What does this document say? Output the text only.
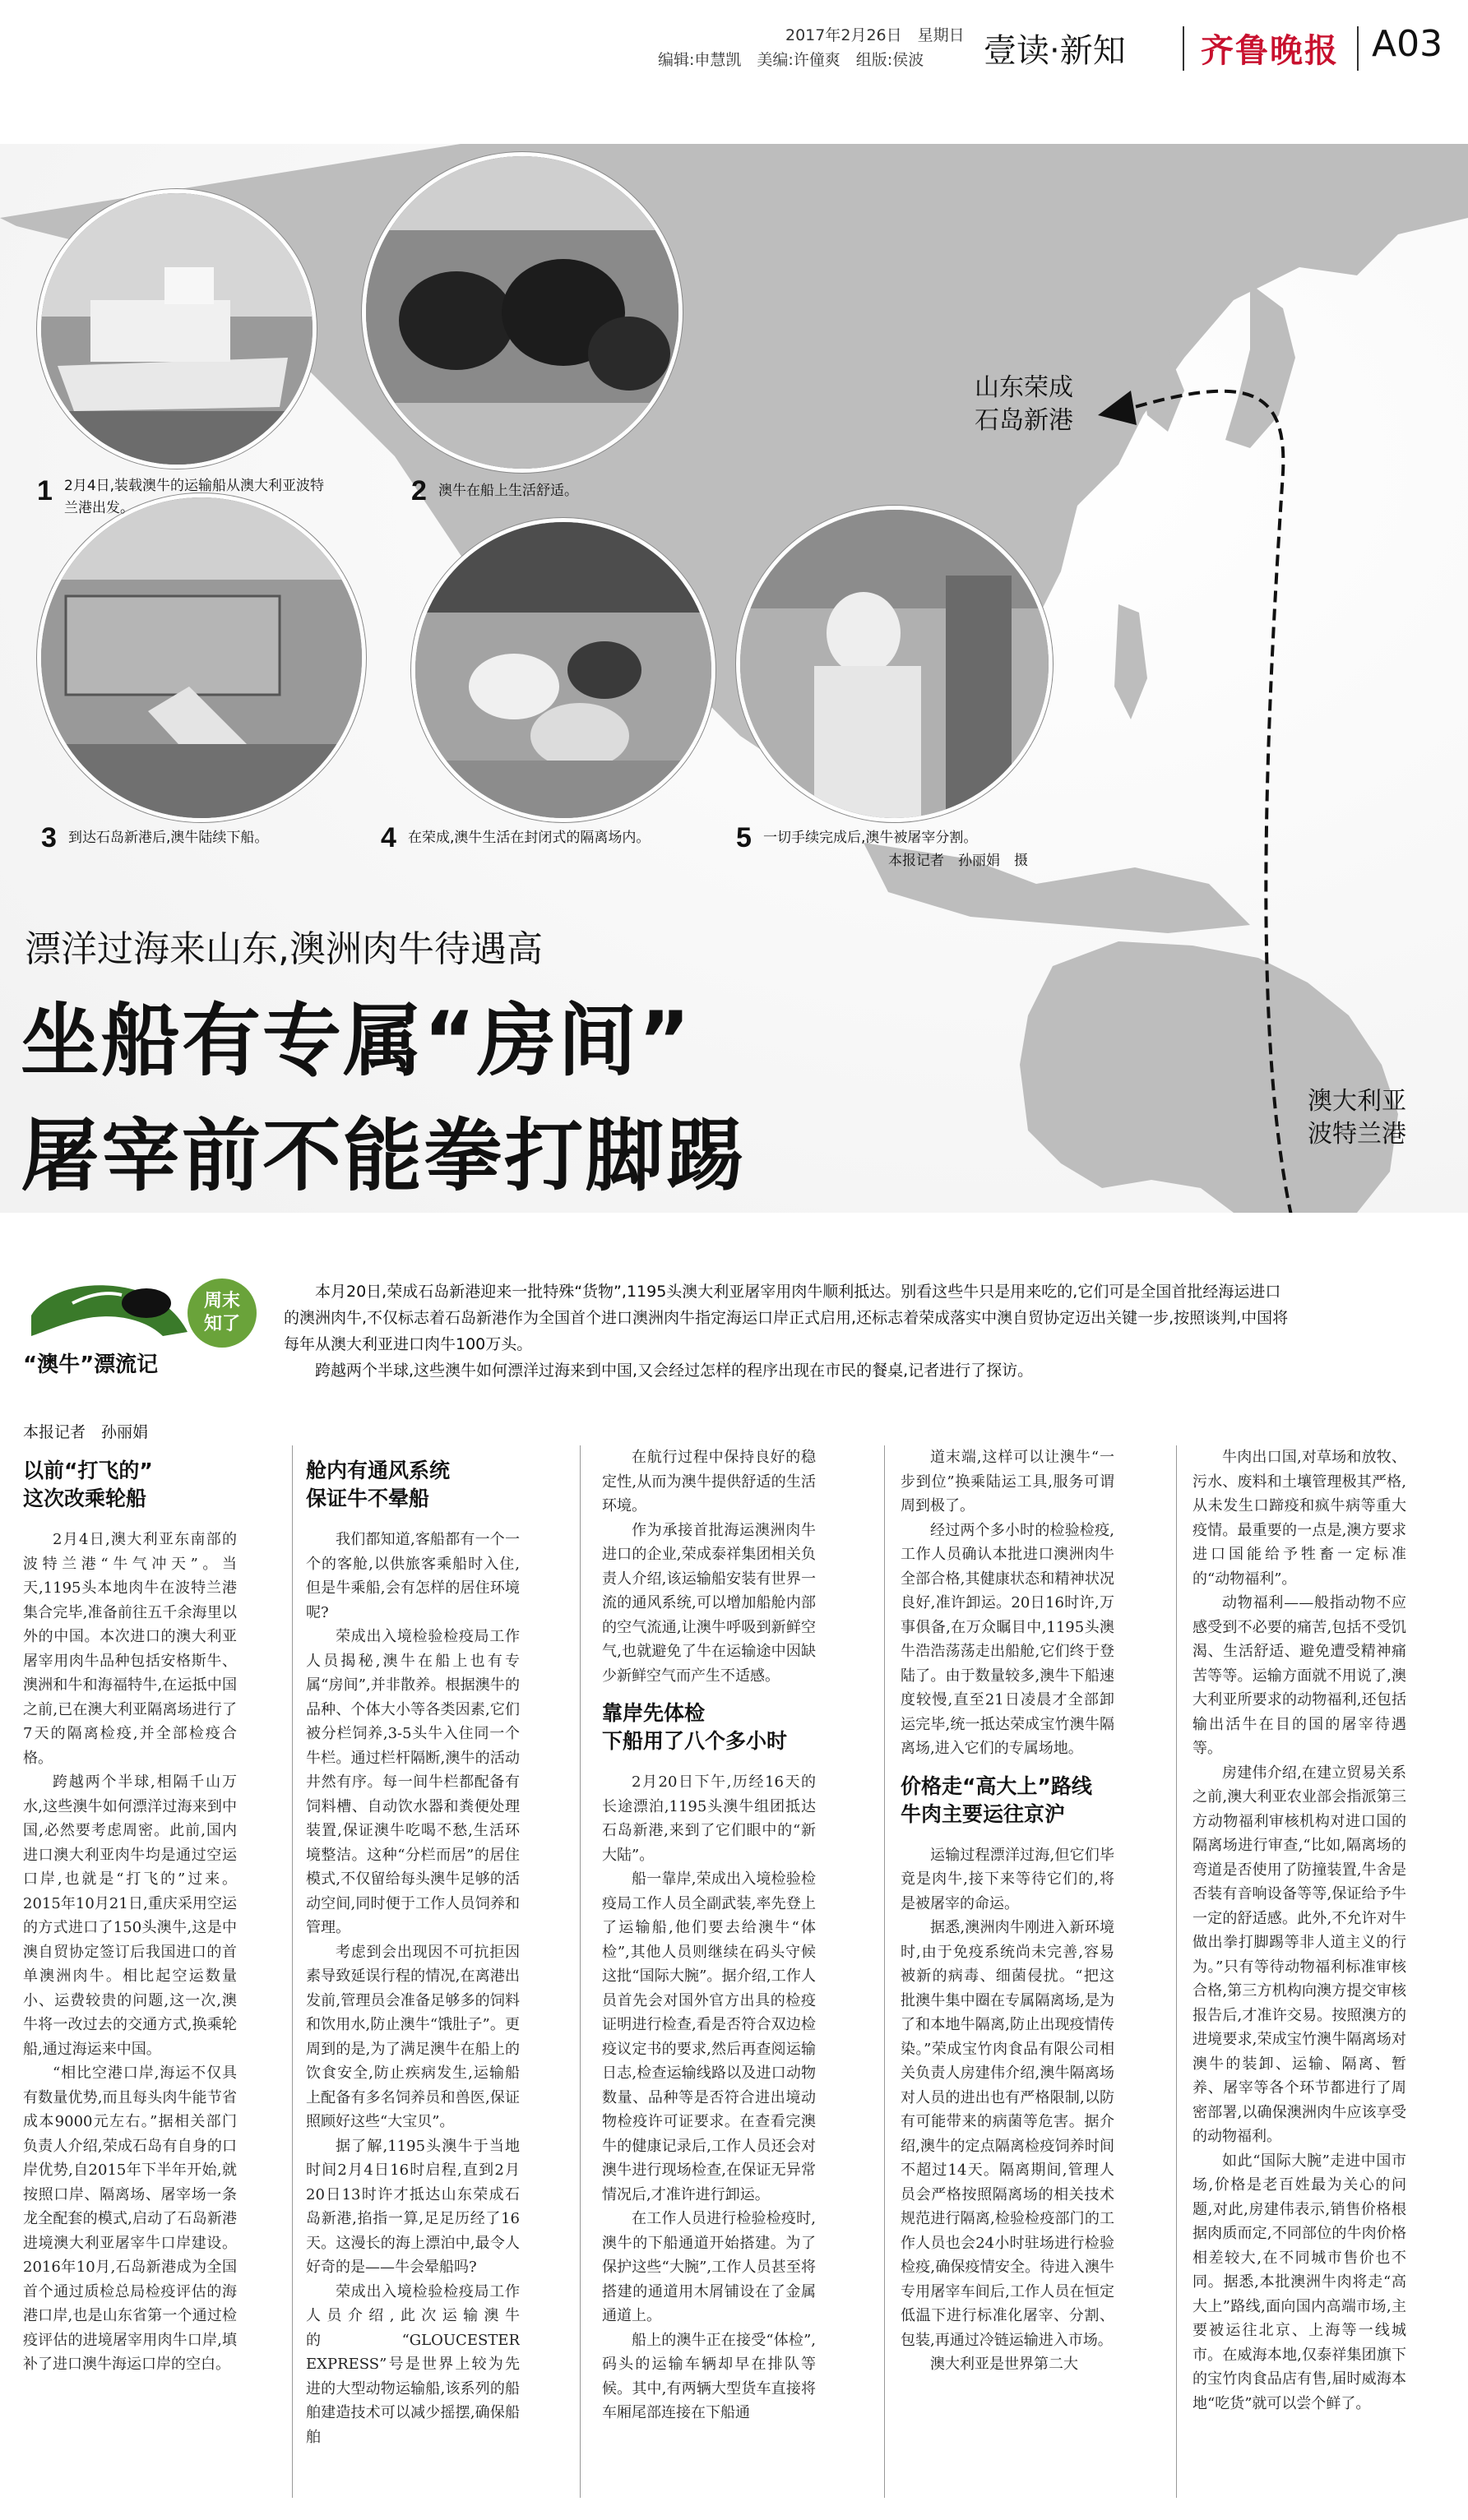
2017年2月26日　星期日
编辑:申慧凯　美编:许僮爽　组版:侯波 壹读·新知 齐鲁晚报 A03
山东荣成
石岛新港
澳大利亚
波特兰港
1 2月4日,装载澳牛的运输船从澳大利亚波特兰港出发。
2 澳牛在船上生活舒适。
3 到达石岛新港后,澳牛陆续下船。	4 在荣成,澳牛生活在封闭式的隔离场内。	5 一切手续完成后,澳牛被屠宰分割。
本报记者　孙丽娟　摄
漂洋过海来山东,澳洲肉牛待遇高
坐船有专属“房间”
屠宰前不能拳打脚踢
周末
知了
“澳牛”漂流记

本月20日,荣成石岛新港迎来一批特殊“货物”,1195头澳大利亚屠宰用肉牛顺利抵达。别看这些牛只是用来吃的,它们可是全国首批经海运进口的澳洲肉牛,不仅标志着石岛新港作为全国首个进口澳洲肉牛指定海运口岸正式启用,还标志着荣成落实中澳自贸协定迈出关键一步,按照谈判,中国将每年从澳大利亚进口肉牛100万头。

跨越两个半球,这些澳牛如何漂洋过海来到中国,又会经过怎样的程序出现在市民的餐桌,记者进行了探访。

本报记者　孙丽娟
以前“打飞的”
这次改乘轮船

2月4日,澳大利亚东南部的波特兰港“牛气冲天”。当天,1195头本地肉牛在波特兰港集合完毕,准备前往五千余海里以外的中国。本次进口的澳大利亚屠宰用肉牛品种包括安格斯牛、澳洲和牛和海福特牛,在运抵中国之前,已在澳大利亚隔离场进行了7天的隔离检疫,并全部检疫合格。

跨越两个半球,相隔千山万水,这些澳牛如何漂洋过海来到中国,必然要考虑周密。此前,国内进口澳大利亚肉牛均是通过空运口岸,也就是“打飞的”过来。2015年10月21日,重庆采用空运的方式进口了150头澳牛,这是中澳自贸协定签订后我国进口的首单澳洲肉牛。相比起空运数量小、运费较贵的问题,这一次,澳牛将一改过去的交通方式,换乘轮船,通过海运来中国。

“相比空港口岸,海运不仅具有数量优势,而且每头肉牛能节省成本9000元左右。”据相关部门负责人介绍,荣成石岛有自身的口岸优势,自2015年下半年开始,就按照口岸、隔离场、屠宰场一条龙全配套的模式,启动了石岛新港进境澳大利亚屠宰牛口岸建设。2016年10月,石岛新港成为全国首个通过质检总局检疫评估的海港口岸,也是山东省第一个通过检疫评估的进境屠宰用肉牛口岸,填补了进口澳牛海运口岸的空白。

舱内有通风系统
保证牛不晕船

我们都知道,客船都有一个一个的客舱,以供旅客乘船时入住,但是牛乘船,会有怎样的居住环境呢?

荣成出入境检验检疫局工作人员揭秘,澳牛在船上也有专属“房间”,并非散养。根据澳牛的品种、个体大小等各类因素,它们被分栏饲养,3-5头牛入住同一个牛栏。通过栏杆隔断,澳牛的活动井然有序。每一间牛栏都配备有饲料槽、自动饮水器和粪便处理装置,保证澳牛吃喝不愁,生活环境整洁。这种“分栏而居”的居住模式,不仅留给每头澳牛足够的活动空间,同时便于工作人员饲养和管理。

考虑到会出现因不可抗拒因素导致延误行程的情况,在离港出发前,管理员会准备足够多的饲料和饮用水,防止澳牛“饿肚子”。更周到的是,为了满足澳牛在船上的饮食安全,防止疾病发生,运输船上配备有多名饲养员和兽医,保证照顾好这些“大宝贝”。

据了解,1195头澳牛于当地时间2月4日16时启程,直到2月20日13时许才抵达山东荣成石岛新港,掐指一算,足足历经了16天。这漫长的海上漂泊中,最令人好奇的是——牛会晕船吗?

荣成出入境检验检疫局工作人员介绍,此次运输澳牛的“GLOUCESTER EXPRESS”号是世界上较为先进的大型动物运输船,该系列的船舶建造技术可以减少摇摆,确保船舶

在航行过程中保持良好的稳定性,从而为澳牛提供舒适的生活环境。

作为承接首批海运澳洲肉牛进口的企业,荣成泰祥集团相关负责人介绍,该运输船安装有世界一流的通风系统,可以增加船舱内部的空气流通,让澳牛呼吸到新鲜空气,也就避免了牛在运输途中因缺少新鲜空气而产生不适感。

靠岸先体检
下船用了八个多小时

2月20日下午,历经16天的长途漂泊,1195头澳牛组团抵达石岛新港,来到了它们眼中的“新大陆”。

船一靠岸,荣成出入境检验检疫局工作人员全副武装,率先登上了运输船,他们要去给澳牛“体检”,其他人员则继续在码头守候这批“国际大腕”。据介绍,工作人员首先会对国外官方出具的检疫证明进行检查,看是否符合双边检疫议定书的要求,然后再查阅运输日志,检查运输线路以及进口动物数量、品种等是否符合进出境动物检疫许可证要求。在查看完澳牛的健康记录后,工作人员还会对澳牛进行现场检查,在保证无异常情况后,才准许进行卸运。

在工作人员进行检验检疫时,澳牛的下船通道开始搭建。为了保护这些“大腕”,工作人员甚至将搭建的通道用木屑铺设在了金属通道上。

船上的澳牛正在接受“体检”,码头的运输车辆却早在排队等候。其中,有两辆大型货车直接将车厢尾部连接在下船通

道末端,这样可以让澳牛“一步到位”换乘陆运工具,服务可谓周到极了。

经过两个多小时的检验检疫,工作人员确认本批进口澳洲肉牛全部合格,其健康状态和精神状况良好,准许卸运。20日16时许,万事俱备,在万众瞩目中,1195头澳牛浩浩荡荡走出船舱,它们终于登陆了。由于数量较多,澳牛下船速度较慢,直至21日凌晨才全部卸运完毕,统一抵达荣成宝竹澳牛隔离场,进入它们的专属场地。

价格走“高大上”路线
牛肉主要运往京沪

运输过程漂洋过海,但它们毕竟是肉牛,接下来等待它们的,将是被屠宰的命运。

据悉,澳洲肉牛刚进入新环境时,由于免疫系统尚未完善,容易被新的病毒、细菌侵扰。“把这批澳牛集中圈在专属隔离场,是为了和本地牛隔离,防止出现疫情传染。”荣成宝竹肉食品有限公司相关负责人房建伟介绍,澳牛隔离场对人员的进出也有严格限制,以防有可能带来的病菌等危害。据介绍,澳牛的定点隔离检疫饲养时间不超过14天。隔离期间,管理人员会严格按照隔离场的相关技术规范进行隔离,检验检疫部门的工作人员也会24小时驻场进行检验检疫,确保疫情安全。待进入澳牛专用屠宰车间后,工作人员在恒定低温下进行标准化屠宰、分割、包装,再通过冷链运输进入市场。

澳大利亚是世界第二大

牛肉出口国,对草场和放牧、污水、废料和土壤管理极其严格,从未发生口蹄疫和疯牛病等重大疫情。最重要的一点是,澳方要求进口国能给予牲畜一定标准的“动物福利”。

动物福利——般指动物不应感受到不必要的痛苦,包括不受饥渴、生活舒适、避免遭受精神痛苦等等。运输方面就不用说了,澳大利亚所要求的动物福利,还包括输出活牛在目的国的屠宰待遇等。

房建伟介绍,在建立贸易关系之前,澳大利亚农业部会指派第三方动物福利审核机构对进口国的隔离场进行审查,“比如,隔离场的弯道是否使用了防撞装置,牛舍是否装有音响设备等等,保证给予牛一定的舒适感。此外,不允许对牛做出拳打脚踢等非人道主义的行为。”只有等待动物福利标准审核合格,第三方机构向澳方提交审核报告后,才准许交易。按照澳方的进境要求,荣成宝竹澳牛隔离场对澳牛的装卸、运输、隔离、暂养、屠宰等各个环节都进行了周密部署,以确保澳洲肉牛应该享受的动物福利。

如此“国际大腕”走进中国市场,价格是老百姓最为关心的问题,对此,房建伟表示,销售价格根据肉质而定,不同部位的牛肉价格相差较大,在不同城市售价也不同。据悉,本批澳洲牛肉将走“高大上”路线,面向国内高端市场,主要被运往北京、上海等一线城市。在威海本地,仅泰祥集团旗下的宝竹肉食品店有售,届时威海本地“吃货”就可以尝个鲜了。
